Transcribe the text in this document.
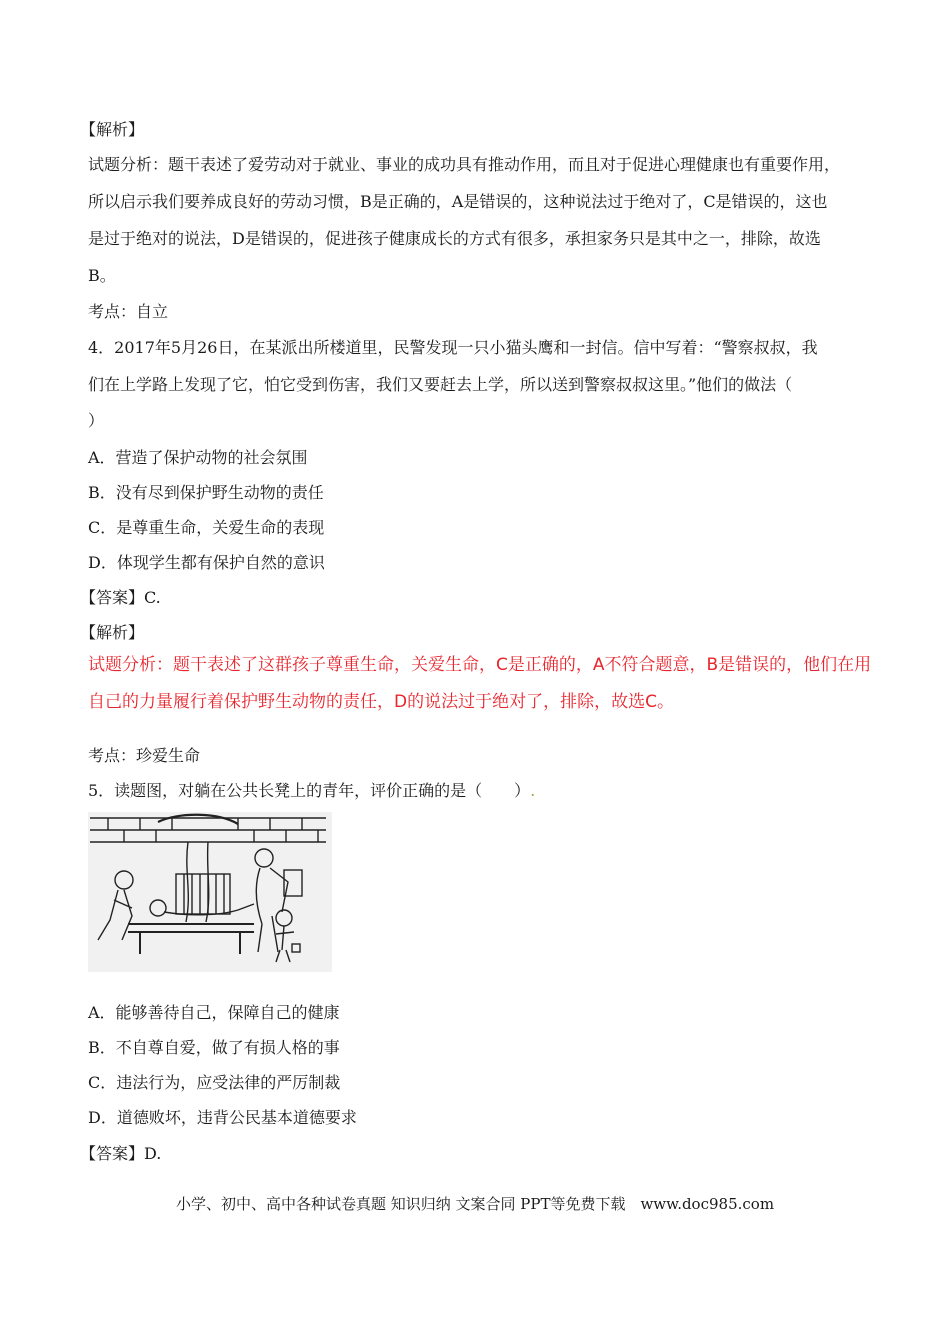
【解析】
试题分析：题干表述了爱劳动对于就业、事业的成功具有推动作用，而且对于促进心理健康也有重要作用，
所以启示我们要养成良好的劳动习惯，B是正确的，A是错误的，这种说法过于绝对了，C是错误的，这也
是过于绝对的说法，D是错误的，促进孩子健康成长的方式有很多，承担家务只是其中之一，排除，故选
B。
考点：自立
4．2017年5月26日，在某派出所楼道里，民警发现一只小猫头鹰和一封信。信中写着：“警察叔叔，我
们在上学路上发现了它，怕它受到伤害，我们又要赶去上学，所以送到警察叔叔这里。”他们的做法（
）
A．营造了保护动物的社会氛围
B．没有尽到保护野生动物的责任
C．是尊重生命，关爱生命的表现
D．体现学生都有保护自然的意识
【答案】C.
【解析】
试题分析：题干表述了这群孩子尊重生命，关爱生命，C是正确的，A不符合题意，B是错误的，他们在用
自己的力量履行着保护野生动物的责任，D的说法过于绝对了，排除，故选C。
考点：珍爱生命
5．读题图，对躺在公共长凳上的青年，评价正确的是（　　）.
A．能够善待自己，保障自己的健康
B．不自尊自爱，做了有损人格的事
C．违法行为，应受法律的严厉制裁
D．道德败坏，违背公民基本道德要求
【答案】D.
小学、初中、高中各种试卷真题 知识归纳 文案合同 PPT等免费下载　www.doc985.com
